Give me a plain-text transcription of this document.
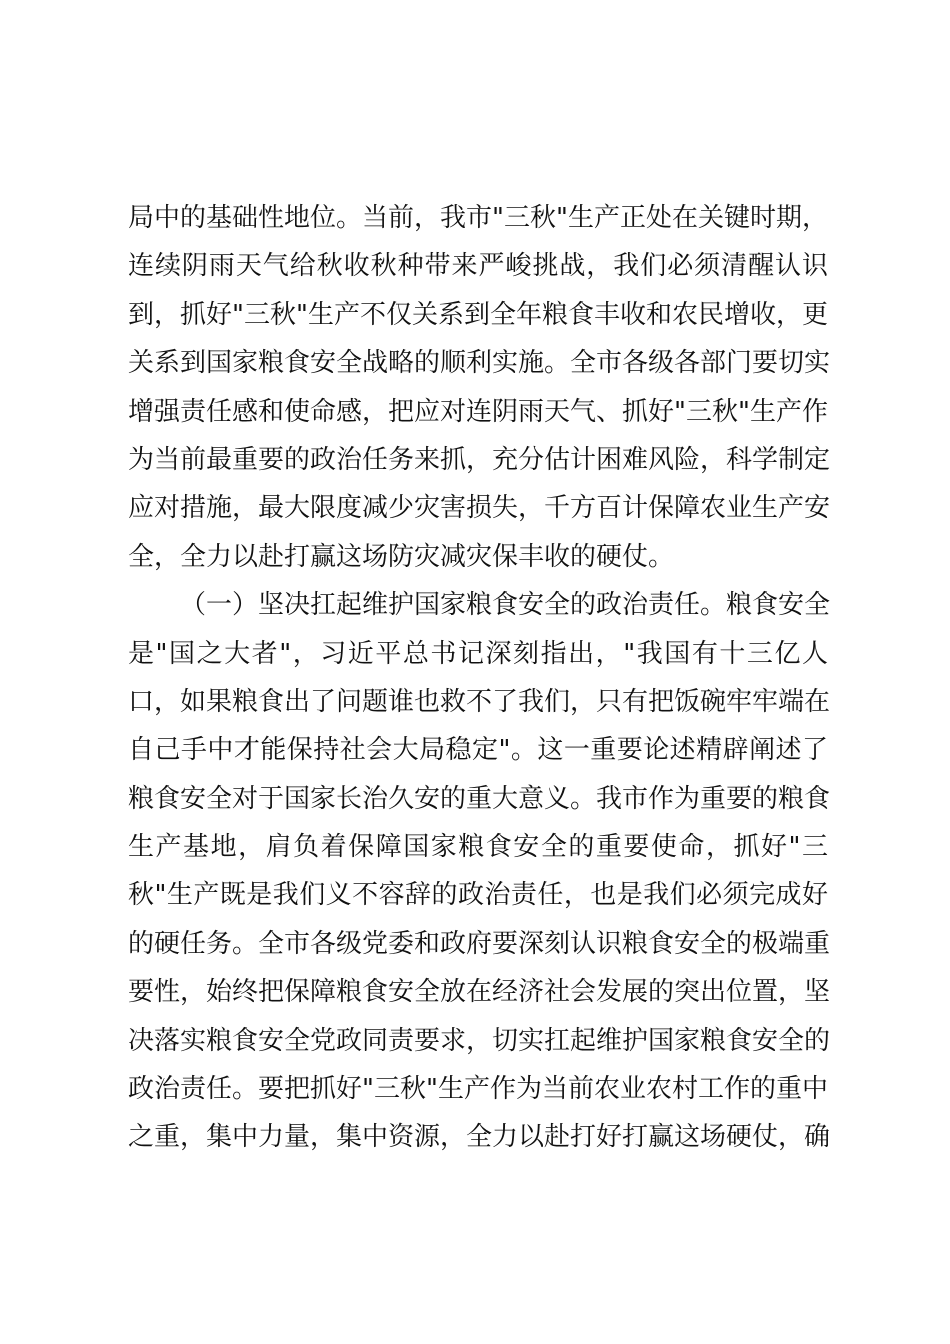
局中的基础性地位。当前，我市"三秋"生产正处在关键时期，
连续阴雨天气给秋收秋种带来严峻挑战，我们必须清醒认识
到，抓好"三秋"生产不仅关系到全年粮食丰收和农民增收，更
关系到国家粮食安全战略的顺利实施。全市各级各部门要切实
增强责任感和使命感，把应对连阴雨天气、抓好"三秋"生产作
为当前最重要的政治任务来抓，充分估计困难风险，科学制定
应对措施，最大限度减少灾害损失，千方百计保障农业生产安
全，全力以赴打赢这场防灾减灾保丰收的硬仗。
（一）坚决扛起维护国家粮食安全的政治责任。粮食安全
是"国之大者"，习近平总书记深刻指出，"我国有十三亿人
口，如果粮食出了问题谁也救不了我们，只有把饭碗牢牢端在
自己手中才能保持社会大局稳定"。这一重要论述精辟阐述了
粮食安全对于国家长治久安的重大意义。我市作为重要的粮食
生产基地，肩负着保障国家粮食安全的重要使命，抓好"三
秋"生产既是我们义不容辞的政治责任，也是我们必须完成好
的硬任务。全市各级党委和政府要深刻认识粮食安全的极端重
要性，始终把保障粮食安全放在经济社会发展的突出位置，坚
决落实粮食安全党政同责要求，切实扛起维护国家粮食安全的
政治责任。要把抓好"三秋"生产作为当前农业农村工作的重中
之重，集中力量，集中资源，全力以赴打好打赢这场硬仗，确
